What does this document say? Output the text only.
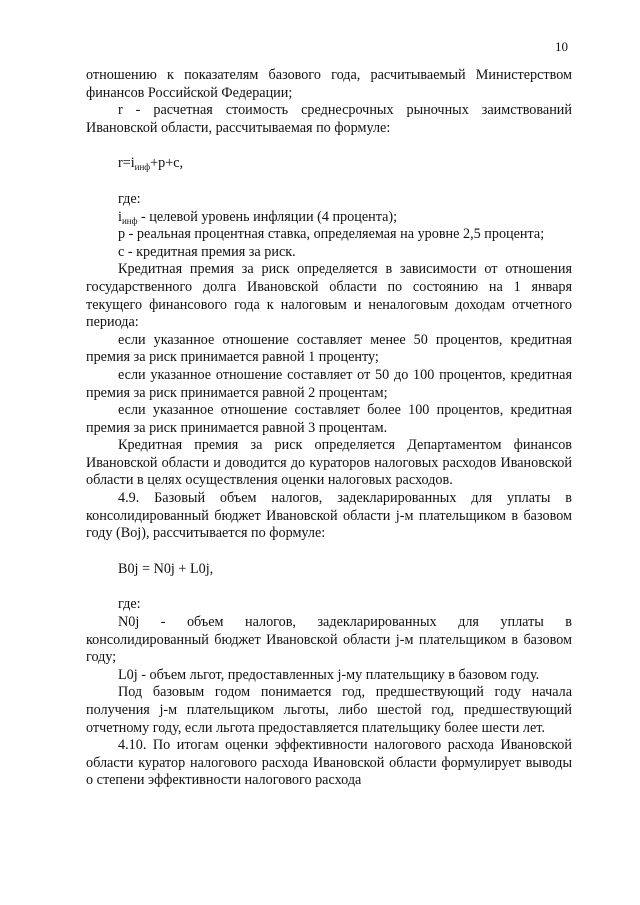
10

отношению к показателям базового года, расчитываемый Министерством финансов Российской Федерации;

r - расчетная стоимость среднесрочных рыночных заимствований Ивановской области, рассчитываемая по формуле:

$r=i_{инф}+p+c$,

где:

$i_{инф}$ - целевой уровень инфляции (4 процента);

p - реальная процентная ставка, определяемая на уровне 2,5 процента;

c - кредитная премия за риск.

Кредитная премия за риск определяется в зависимости от отношения государственного долга Ивановской области по состоянию на 1 января текущего финансового года к налоговым и неналоговым доходам отчетного периода:

если указанное отношение составляет менее 50 процентов, кредитная премия за риск принимается равной 1 проценту;

если указанное отношение составляет от 50 до 100 процентов, кредитная премия за риск принимается равной 2 процентам;

если указанное отношение составляет более 100 процентов, кредитная премия за риск принимается равной 3 процентам.

Кредитная премия за риск определяется Департаментом финансов Ивановской области и доводится до кураторов налоговых расходов Ивановской области в целях осуществления оценки налоговых расходов.

4.9. Базовый объем налогов, задекларированных для уплаты в консолидированный бюджет Ивановской области j-м плательщиком в базовом году (Boj), рассчитывается по формуле:

B0j = N0j + L0j,

где:

N0j - объем налогов, задекларированных для уплаты в консолидированный бюджет Ивановской области j-м плательщиком в базовом году;

L0j - объем льгот, предоставленных j-му плательщику в базовом году.

Под базовым годом понимается год, предшествующий году начала получения j-м плательщиком льготы, либо шестой год, предшествующий отчетному году, если льгота предоставляется плательщику более шести лет.

4.10. По итогам оценки эффективности налогового расхода Ивановской области куратор налогового расхода Ивановской области формулирует выводы о степени эффективности налогового расхода
